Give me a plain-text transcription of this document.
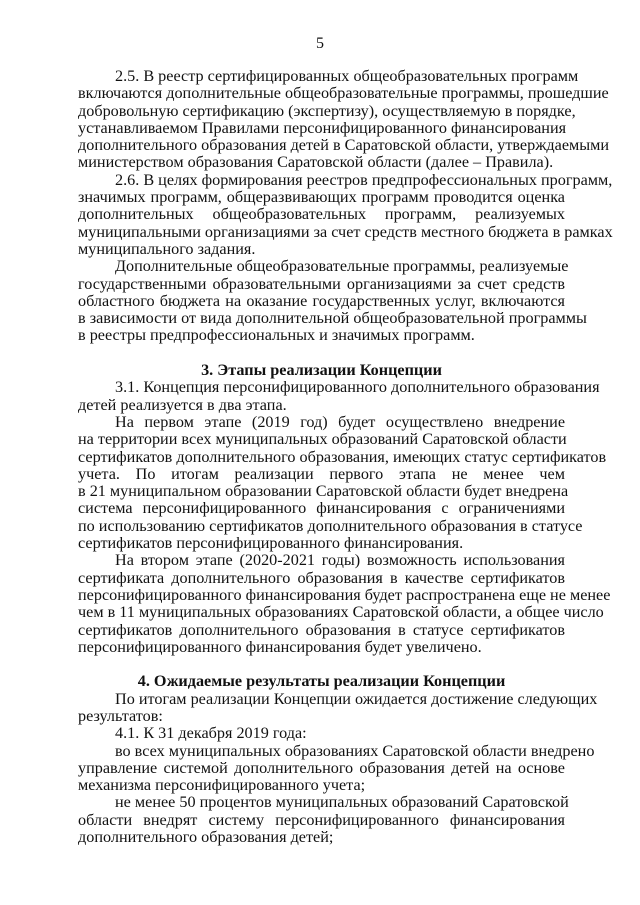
5
2.5. В реестр сертифицированных общеобразовательных программ
включаются дополнительные общеобразовательные программы, прошедшие
добровольную сертификацию (экспертизу), осуществляемую в порядке,
устанавливаемом Правилами персонифицированного финансирования
дополнительного образования детей в Саратовской области, утверждаемыми
министерством образования Саратовской области (далее – Правила).
2.6. В целях формирования реестров предпрофессиональных программ,
значимых программ, общеразвивающих программ проводится оценка
дополнительных общеобразовательных программ, реализуемых
муниципальными организациями за счет средств местного бюджета в рамках
муниципального задания.
Дополнительные общеобразовательные программы, реализуемые
государственными образовательными организациями за счет средств
областного бюджета на оказание государственных услуг, включаются
в зависимости от вида дополнительной общеобразовательной программы
в реестры предпрофессиональных и значимых программ.
3. Этапы реализации Концепции
3.1. Концепция персонифицированного дополнительного образования
детей реализуется в два этапа.
На первом этапе (2019 год) будет осуществлено внедрение
на территории всех муниципальных образований Саратовской области
сертификатов дополнительного образования, имеющих статус сертификатов
учета. По итогам реализации первого этапа не менее чем
в 21 муниципальном образовании Саратовской области будет внедрена
система персонифицированного финансирования с ограничениями
по использованию сертификатов дополнительного образования в статусе
сертификатов персонифицированного финансирования.
На втором этапе (2020-2021 годы) возможность использования
сертификата дополнительного образования в качестве сертификатов
персонифицированного финансирования будет распространена еще не менее
чем в 11 муниципальных образованиях Саратовской области, а общее число
сертификатов дополнительного образования в статусе сертификатов
персонифицированного финансирования будет увеличено.
4. Ожидаемые результаты реализации Концепции
По итогам реализации Концепции ожидается достижение следующих
результатов:
4.1. К 31 декабря 2019 года:
во всех муниципальных образованиях Саратовской области внедрено
управление системой дополнительного образования детей на основе
механизма персонифицированного учета;
не менее 50 процентов муниципальных образований Саратовской
области внедрят систему персонифицированного финансирования
дополнительного образования детей;
